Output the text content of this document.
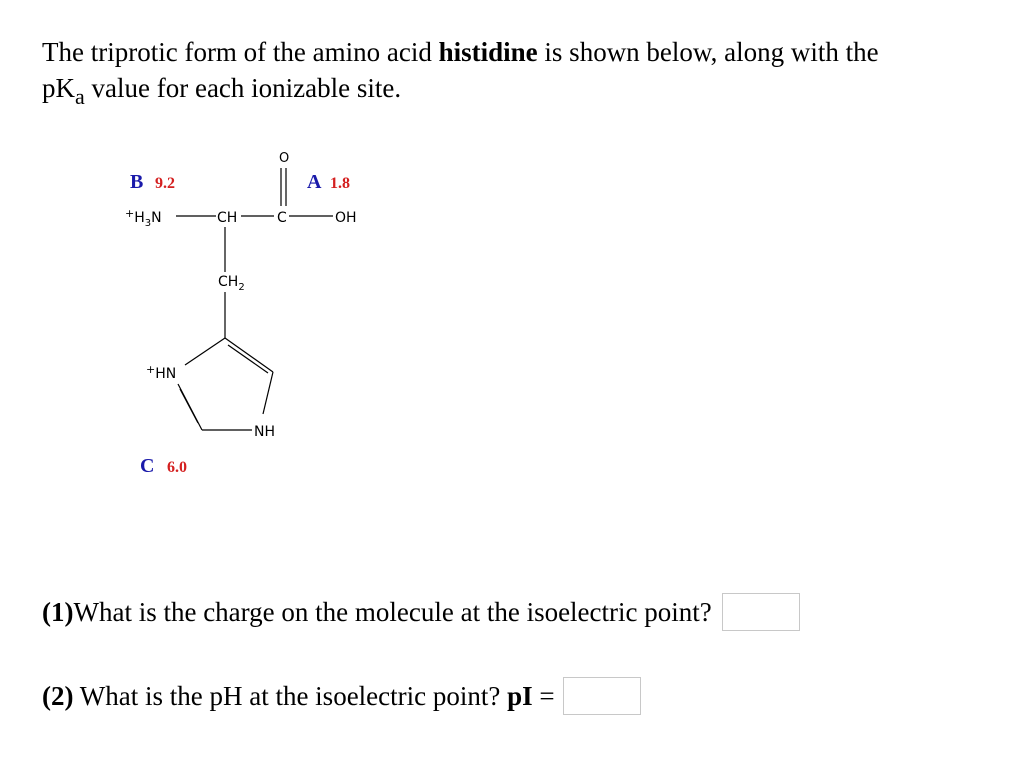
The triprotic form of the amino acid histidine is shown below, along with the
$pK_a$ value for each ionizable site.
B 9.2	A 1.8
C 6.0
O
$^+H_3N$	CH	C	OH
$CH_2$
+HN
NH
(1) What is the charge on the molecule at the isoelectric point?
(2) What is the pH at the isoelectric point? pI =
